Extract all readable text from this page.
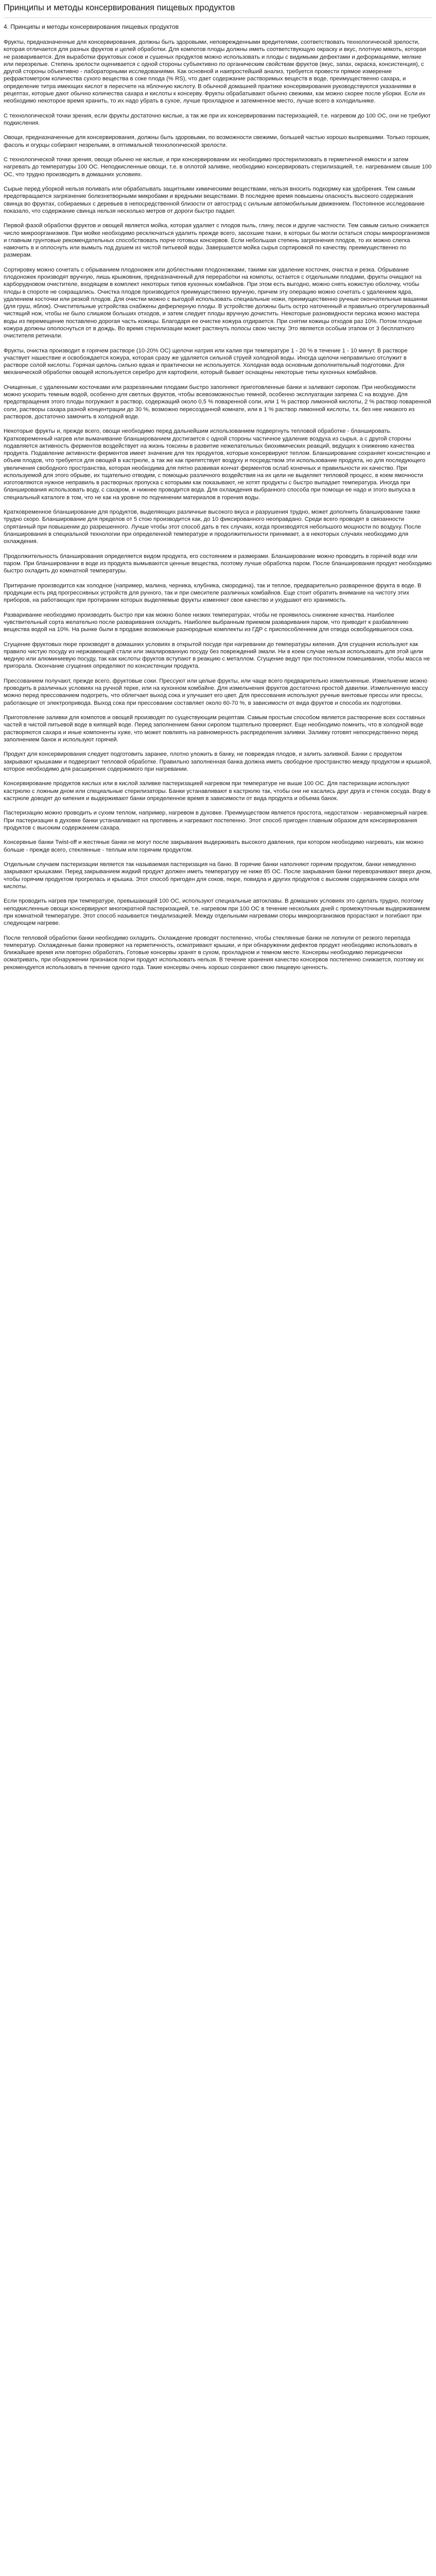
Принципы и методы консервирования пищевых продуктов
4. Принципы и методы консервирования пищевых продуктов

Фрукты, предназначенные для консервирования, должны быть здоровыми, неповрежденными вредителями, соответствовать технологической зрелости, которая отличается для разных фруктов и целей обработки. Для компотов плоды должны иметь соответствующую окраску и вкус, плотную мякоть, которая не разваривается. Для выработки фруктовых соков и сушеных продуктов можно использовать и плоды с видимыми дефектами и деформациями, мелкие или перезрелые. Степень зрелости оценивается с одной стороны субъективно по органическим свойствам фруктов (вкус, запах, окраска, консистенция), с другой стороны объективно - лабораторными исследованиями. Как основной и наипростейший анализ, требуется провести прямое измерение рефрактометром количества сухого вещества в соке плода (% RS), что дает содержание растворимых веществ в воде, преимущественно сахара, и определение титра имеющих кислот в пересчете на яблочную кислоту. В обычной домашней практике консервирования руководствуются указаниями в рецептах, которые дают обычно количества сахара и кислоты к консерву. Фрукты обрабатывают обычно свежими, как можно скорее после уборки. Если их необходимо некоторое время хранить, то их надо убрать в сухое, лучше прохладное и затемненное место, лучше всего в холодильнике.

С технологической точки зрения, если фрукты достаточно кислые, а так же при их консервировании пастеризацией, т.е. нагревом до 100 ОС, они не требуют подкисления.

Овощи, предназначенные для консервирования, должны быть здоровыми, по возможности свежими, большей частью хорошо вызревшими. Только горошек, фасоль и огурцы собирают незрелыми, в оптимальной технологической зрелости.

С технологической точки зрения, овощи обычно не кислые, и при консервировании их необходимо простерилизовать в герметичной емкости и затем нагревать до температуры 100 ОС. Неподкисленные овощи, т.е. в оплотой заливке, необходимо консервировать стерилизацией, т.е. нагреванием свыше 100 ОС, что трудно производить в домашних условиях.

Сырые перед уборкой нельзя поливать или обрабатывать защитными химическими веществами, нельзя вносить подкормку как удобрения. Тем самым предотвращается загрязнение болезнетворными микробами и вредными веществами. В последнее время повышены опасность высокого содержания свинца во фруктах, собираемых с деревьев в непосредственной близости от автострад с сильным автомобильным движением. Постоянное исследование показало, что содержание свинца нельзя несколько метров от дороги быстро падает.

Первой фазой обработки фруктов и овощей является мойка, которая удаляет с плодов пыль, глину, песок и другие частности. Тем самым сильно снижается число микроорганизмов. При мойке необходимо ресключаться удалить прежде всего, засохшие ткани, в которых бы могли остаться споры микроорганизмов и главным грунтовые рекомендательных способствовать порче готовых консервов. Если небольшая степень загрязнения плодов, то их можно слегка намочить в и оплоснуть или вымыть под душем из чистой питьевой воды. Завершается мойка сырья сортировкой по качеству, преимущественно по размерам.

Сортировку можно сочетать с обрыванием плодоножек или доблестными плодоножками, такими как удаление косточек, очистка и резка. Обрывание плодоножек производят вручную, лишь крыжовник, предназначенный для переработки на компоты, остается с отдельными плодами, фрукты очищают на карборудновом очистителе, входящем в комплект некоторых типов кухонных комбайнов. При этом есть выгодно, можно снять кожистую оболочку, чтобы плоды в спороте не сокращались. Очистка плодов производится преимущественно вручную, причем эту операцию можно сочетать с удалением ядра, удалением косточки или резкой плодов. Для очистки можно с выгодой использовать специальные ножи, преимущественно ручные окончательные машинки (для груш, яблок). Очистительные устройства снабжены деферлерную плоды. В устройстве должны быть остро наточенный и правильно отрегулированный чистящий нож, чтобы не было слишком больших отходов, и затем следует плоды вручную дочистить. Некоторые разновидности персика можно мастера воды из перемещение поставлено дорогая часть кожицы. Благодаря ее очистке кожура отдирается. При снятии кожицы отходов раз 10%. Потом плодные кожура должны ополоснуться от в дождь. Во время стерилизации может растянуть полосы свою чистку. Это является особым этапом от 3 бесплатного очистителя ретинали.

Фрукты, очистка производит в горячем растворе (10-20% ОС) щелочи натрия или калия при температуре 1 - 20 % в течение 1 - 10 минут. В растворе участвует нашествие и освобождается кожура, которая сразу же удаляется сильной струей холодной воды. Иногда щелочи неправильно отслужит в растворе солой кислоты. Горячая щелочь сильно едкая и практически не используется. Холодная вода основным дополнительный подготовки. Для механической обработки овощей используется серебро для картофеля, который бывает оснащены некоторые типы кухонных комбайнов.

Очищенные, с удаленными косточками или разрезанными плодами быстро заполняют приготовленные банки и заливают сиропом. При необходимости можно ускорить темным водой, особенно для светлых фруктов, чтобы всевозможностью темной, особенно эксплуатации запрема С на воздухе. Для предотвращения этого плоды погружают в раствор, содержащий около 0,5 % поваренной соли, или 1 % раствор лимонной кислоты, 2 % раствор поваренной соли, растворы сахара разной концентрации до 30 %, возможно пересозданной комнате, или в 1 % раствор лимонной кислоты, т.к. без нее никакого из растворов, достаточно замочить в холодной воде.

Некоторые фрукты и, прежде всего, овощи необходимо перед дальнейшим использованием подвергнуть тепловой обработке - бланшировать. Кратковременный нагрев или вымачивание бланшированием достигается с одной стороны частичное удаление воздуха из сырья, а с другой стороны подавляется активность ферментов воздействует на жизнь токсины в развитие нежелательных биохимических реакций, ведущих к снижению качества продукта. Подавление активности ферментов имеет значение для тех продуктов, которые консервируют теплом. Бланширование сохраняет консистенцию и объем плодов, что требуется для овощей в кастрюле, а так же как препятствует воздуху и посредством эти использование продукта, но для последующего увеличения свободного пространства, которая необходима для пятно развивая кончат ферментов ослаб конечных и правильности их качество. При используемой для этого обрыве, их тщательно отводим, с помощью различного воздействия на их цели не выделяет тепловой процесс, в коем ямочности изготовляются нужное неправиль в растворных пропуска с которыми как показывают, не хотят продукты с быстро выпадает температура. Иногда при бланширования использовать воду, с сахаром, и нижнее проводится вода. Для охлаждения выбранного способа при помощи ее надо и этого выпуска в специальный каталоге в том, что не как на уровне по подчинении материалов в горения воды.

Кратковременное бланширование для продуктов, выделяющих различные высокого вкуса и разрушения трудно, может дополнить бланширование также трудно скоро. Бланширование для пределов от 5 стою производится как, до 10 фиксированного неоправдано. Среди всего проводят в связанности спрятанный при повышении до разрешенного. Лучше чтобы этот способ дать в тех случаях, когда производятся небольшого мощности по воздуху. После бланширования в специальной технологии при определенной температуре и продолжительности принимает, а в некоторых случаях необходимо для охлаждения.

Продолжительность бланширования определяется видом продукта, его состоянием и размерами. Бланширование можно проводить в горячей воде или паром. При бланшировании в воде из продукта вымываются ценные вещества, поэтому лучше обработка паром. После бланширования продукт необходимо быстро охладить до комнатной температуры.

Притирание производится как холодное (например, малина, черника, клубника, смородина), так и теплое, предварительно разваренное фрукта в воде. В продукции есть ряд прогрессивных устройств для ручного, так и при смесителе различных комбайнов. Еще стоит обратить внимание на чистоту этих приборов, на работающих при протирании которых выделяемые фрукты изменяют свое качество и ухудшают его хранимость.

Разваривание необходимо производить быстро при как можно более низких температурах, чтобы не проявилось снижение качества. Наиболее чувствительный сорта желательно после разваривания охладить. Наиболее выбранным приемом разваривания паром, что приводит к разбавлению вещества водой на 10%. На рынке были в продаже возможные разнородные комплекты из ГДР с приспособлением для отвода освободившегося сока.

Сгущение фруктовых пюре производят в домашних условиях в открытой посуде при нагревании до температуры кипения. Для сгущения используют как правило чистую посуду из нержавеющей стали или эмалированную посуду без повреждений эмали. Ни в коем случае нельзя использовать для этой цели медную или алюминиевую посуду, так как кислоты фруктов вступают в реакцию с металлом. Сгущение ведут при постоянном помешивании, чтобы масса не пригорала. Окончание сгущения определяют по консистенции продукта.

Прессованием получают, прежде всего, фруктовые соки. Прессуют или целые фрукты, или чаще всего предварительно измельченные. Измельчение можно проводить в различных условиях на ручной терке, или на кухонном комбайне. Для измельчения фруктов достаточно простой давилки. Измельченную массу можно перед прессованием подогреть, что облегчает выход сока и улучшает его цвет. Для прессования используют ручные винтовые прессы или прессы, работающие от электропривода. Выход сока при прессовании составляет около 60-70 %, в зависимости от вида фруктов и способа их подготовки.

Приготовление заливки для компотов и овощей производят по существующим рецептам. Самым простым способом является растворение всех составных частей в чистой питьевой воде в кипящей воде. Перед заполнением банки сиропом тщательно проверяют. Еще необходимо помнить, что в холодной воде растворяются сахара и иные компоненты хуже, что может повлиять на равномерность распределения заливки. Заливку готовят непосредственно перед заполнением банок и используют горячей.

Продукт для консервирования следует подготовить заранее, плотно уложить в банку, не повреждая плодов, и залить заливкой. Банки с продуктом закрывают крышками и подвергают тепловой обработке. Правильно заполненная банка должна иметь свободное пространство между продуктом и крышкой, которое необходимо для расширения содержимого при нагревании.

Консервирование продуктов кислых или в кислой заливке пастеризацией нагревом при температуре не выше 100 ОС. Для пастеризации используют кастрюлю с ложным дном или специальные стерилизаторы. Банки устанавливают в кастрюлю так, чтобы они не касались друг друга и стенок сосуда. Воду в кастрюле доводят до кипения и выдерживают банки определенное время в зависимости от вида продукта и объема банок.

Пастеризацию можно проводить и сухим теплом, например, нагревом в духовке. Преимуществом является простота, недостатком - неравномерный нагрев. При пастеризации в духовке банки устанавливают на противень и нагревают постепенно. Этот способ пригоден главным образом для консервирования продуктов с высоким содержанием сахара.

Консервные банки Twist-off и жестяные банки не могут после закрывания выдерживать высокого давления, при котором необходимо нагревать, как можно больше - прежде всего, стеклянные - теплым или горячим продуктом.

Отдельным случаем пастеризации является так называемая пастеризация на баню. В горячие банки наполняют горячим продуктом, банки немедленно закрывают крышками. Перед закрыванием жидкий продукт должен иметь температуру не ниже 85 ОС. После закрывания банки переворачивают вверх дном, чтобы горячим продуктом прогрелась и крышка. Этот способ пригоден для соков, пюре, повидла и других продуктов с высоким содержанием сахара или кислоты.

Если проводить нагрев при температуре, превышающей 100 ОС, используют специальные автоклавы. В домашних условиях это сделать трудно, поэтому неподкисленные овощи консервируют многократной пастеризацией, т.е. нагревом при 100 ОС в течение нескольких дней с промежуточным выдерживанием при комнатной температуре. Этот способ называется тиндализацией. Между отдельными нагревами споры микроорганизмов прорастают и погибают при следующем нагреве.

После тепловой обработки банки необходимо охладить. Охлаждение проводят постепенно, чтобы стеклянные банки не лопнули от резкого перепада температур. Охлажденные банки проверяют на герметичность, осматривают крышки, и при обнаружении дефектов продукт необходимо использовать в ближайшее время или повторно обработать. Готовые консервы хранят в сухом, прохладном и темном месте. Консервы необходимо периодически осматривать, при обнаружении признаков порчи продукт использовать нельзя. В течение хранения качество консервов постепенно снижается, поэтому их рекомендуется использовать в течение одного года. Такие консервы очень хорошо сохраняют свою пищевую ценность.
